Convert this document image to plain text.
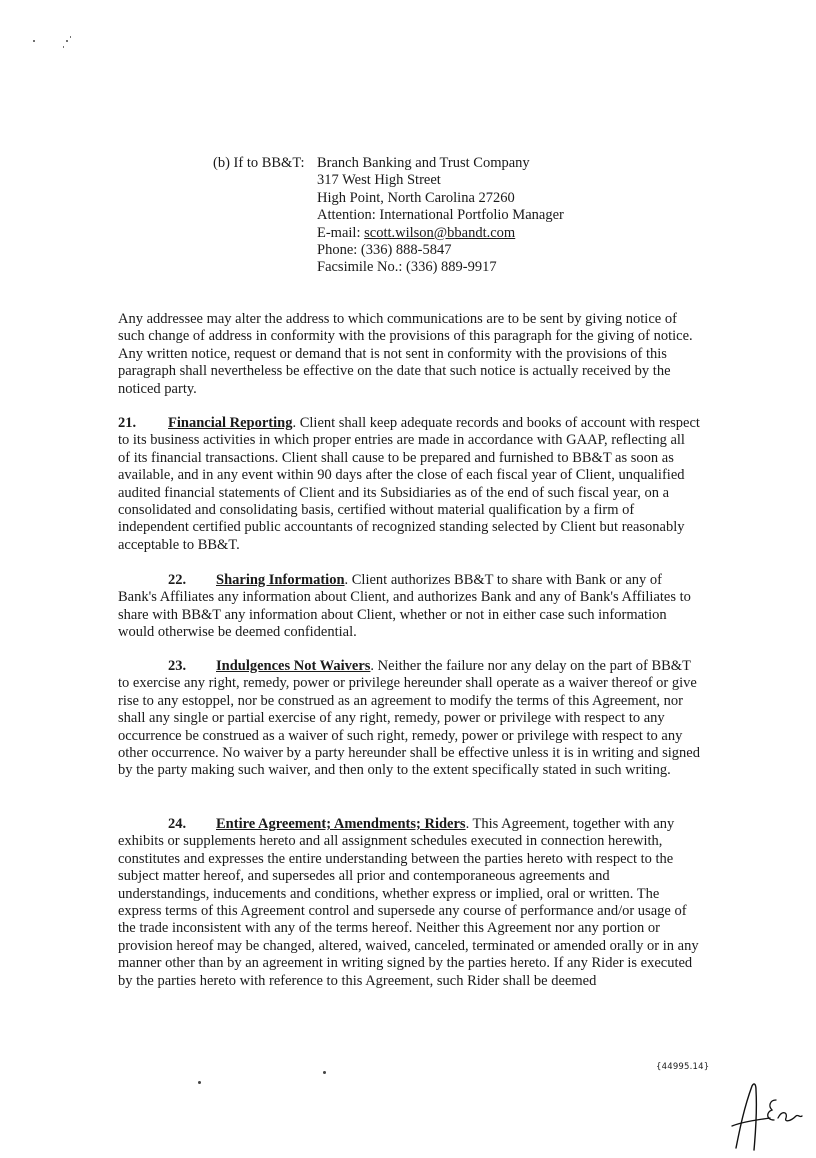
(b) If to BB&T: Branch Banking and Trust Company
317 West High Street
High Point, North Carolina 27260
Attention: International Portfolio Manager
E-mail: scott.wilson@bbandt.com
Phone: (336) 888-5847
Facsimile No.: (336) 889-9917
Any addressee may alter the address to which communications are to be sent by giving notice of such change of address in conformity with the provisions of this paragraph for the giving of notice. Any written notice, request or demand that is not sent in conformity with the provisions of this paragraph shall nevertheless be effective on the date that such notice is actually received by the noticed party.
21. Financial Reporting. Client shall keep adequate records and books of account with respect to its business activities in which proper entries are made in accordance with GAAP, reflecting all of its financial transactions. Client shall cause to be prepared and furnished to BB&T as soon as available, and in any event within 90 days after the close of each fiscal year of Client, unqualified audited financial statements of Client and its Subsidiaries as of the end of such fiscal year, on a consolidated and consolidating basis, certified without material qualification by a firm of independent certified public accountants of recognized standing selected by Client but reasonably acceptable to BB&T.
22. Sharing Information. Client authorizes BB&T to share with Bank or any of Bank's Affiliates any information about Client, and authorizes Bank and any of Bank's Affiliates to share with BB&T any information about Client, whether or not in either case such information would otherwise be deemed confidential.
23. Indulgences Not Waivers. Neither the failure nor any delay on the part of BB&T to exercise any right, remedy, power or privilege hereunder shall operate as a waiver thereof or give rise to any estoppel, nor be construed as an agreement to modify the terms of this Agreement, nor shall any single or partial exercise of any right, remedy, power or privilege with respect to any occurrence be construed as a waiver of such right, remedy, power or privilege with respect to any other occurrence. No waiver by a party hereunder shall be effective unless it is in writing and signed by the party making such waiver, and then only to the extent specifically stated in such writing.
24. Entire Agreement; Amendments; Riders. This Agreement, together with any exhibits or supplements hereto and all assignment schedules executed in connection herewith, constitutes and expresses the entire understanding between the parties hereto with respect to the subject matter hereof, and supersedes all prior and contemporaneous agreements and understandings, inducements and conditions, whether express or implied, oral or written. The express terms of this Agreement control and supersede any course of performance and/or usage of the trade inconsistent with any of the terms hereof. Neither this Agreement nor any portion or provision hereof may be changed, altered, waived, canceled, terminated or amended orally or in any manner other than by an agreement in writing signed by the parties hereto. If any Rider is executed by the parties hereto with reference to this Agreement, such Rider shall be deemed
{44995.14}
